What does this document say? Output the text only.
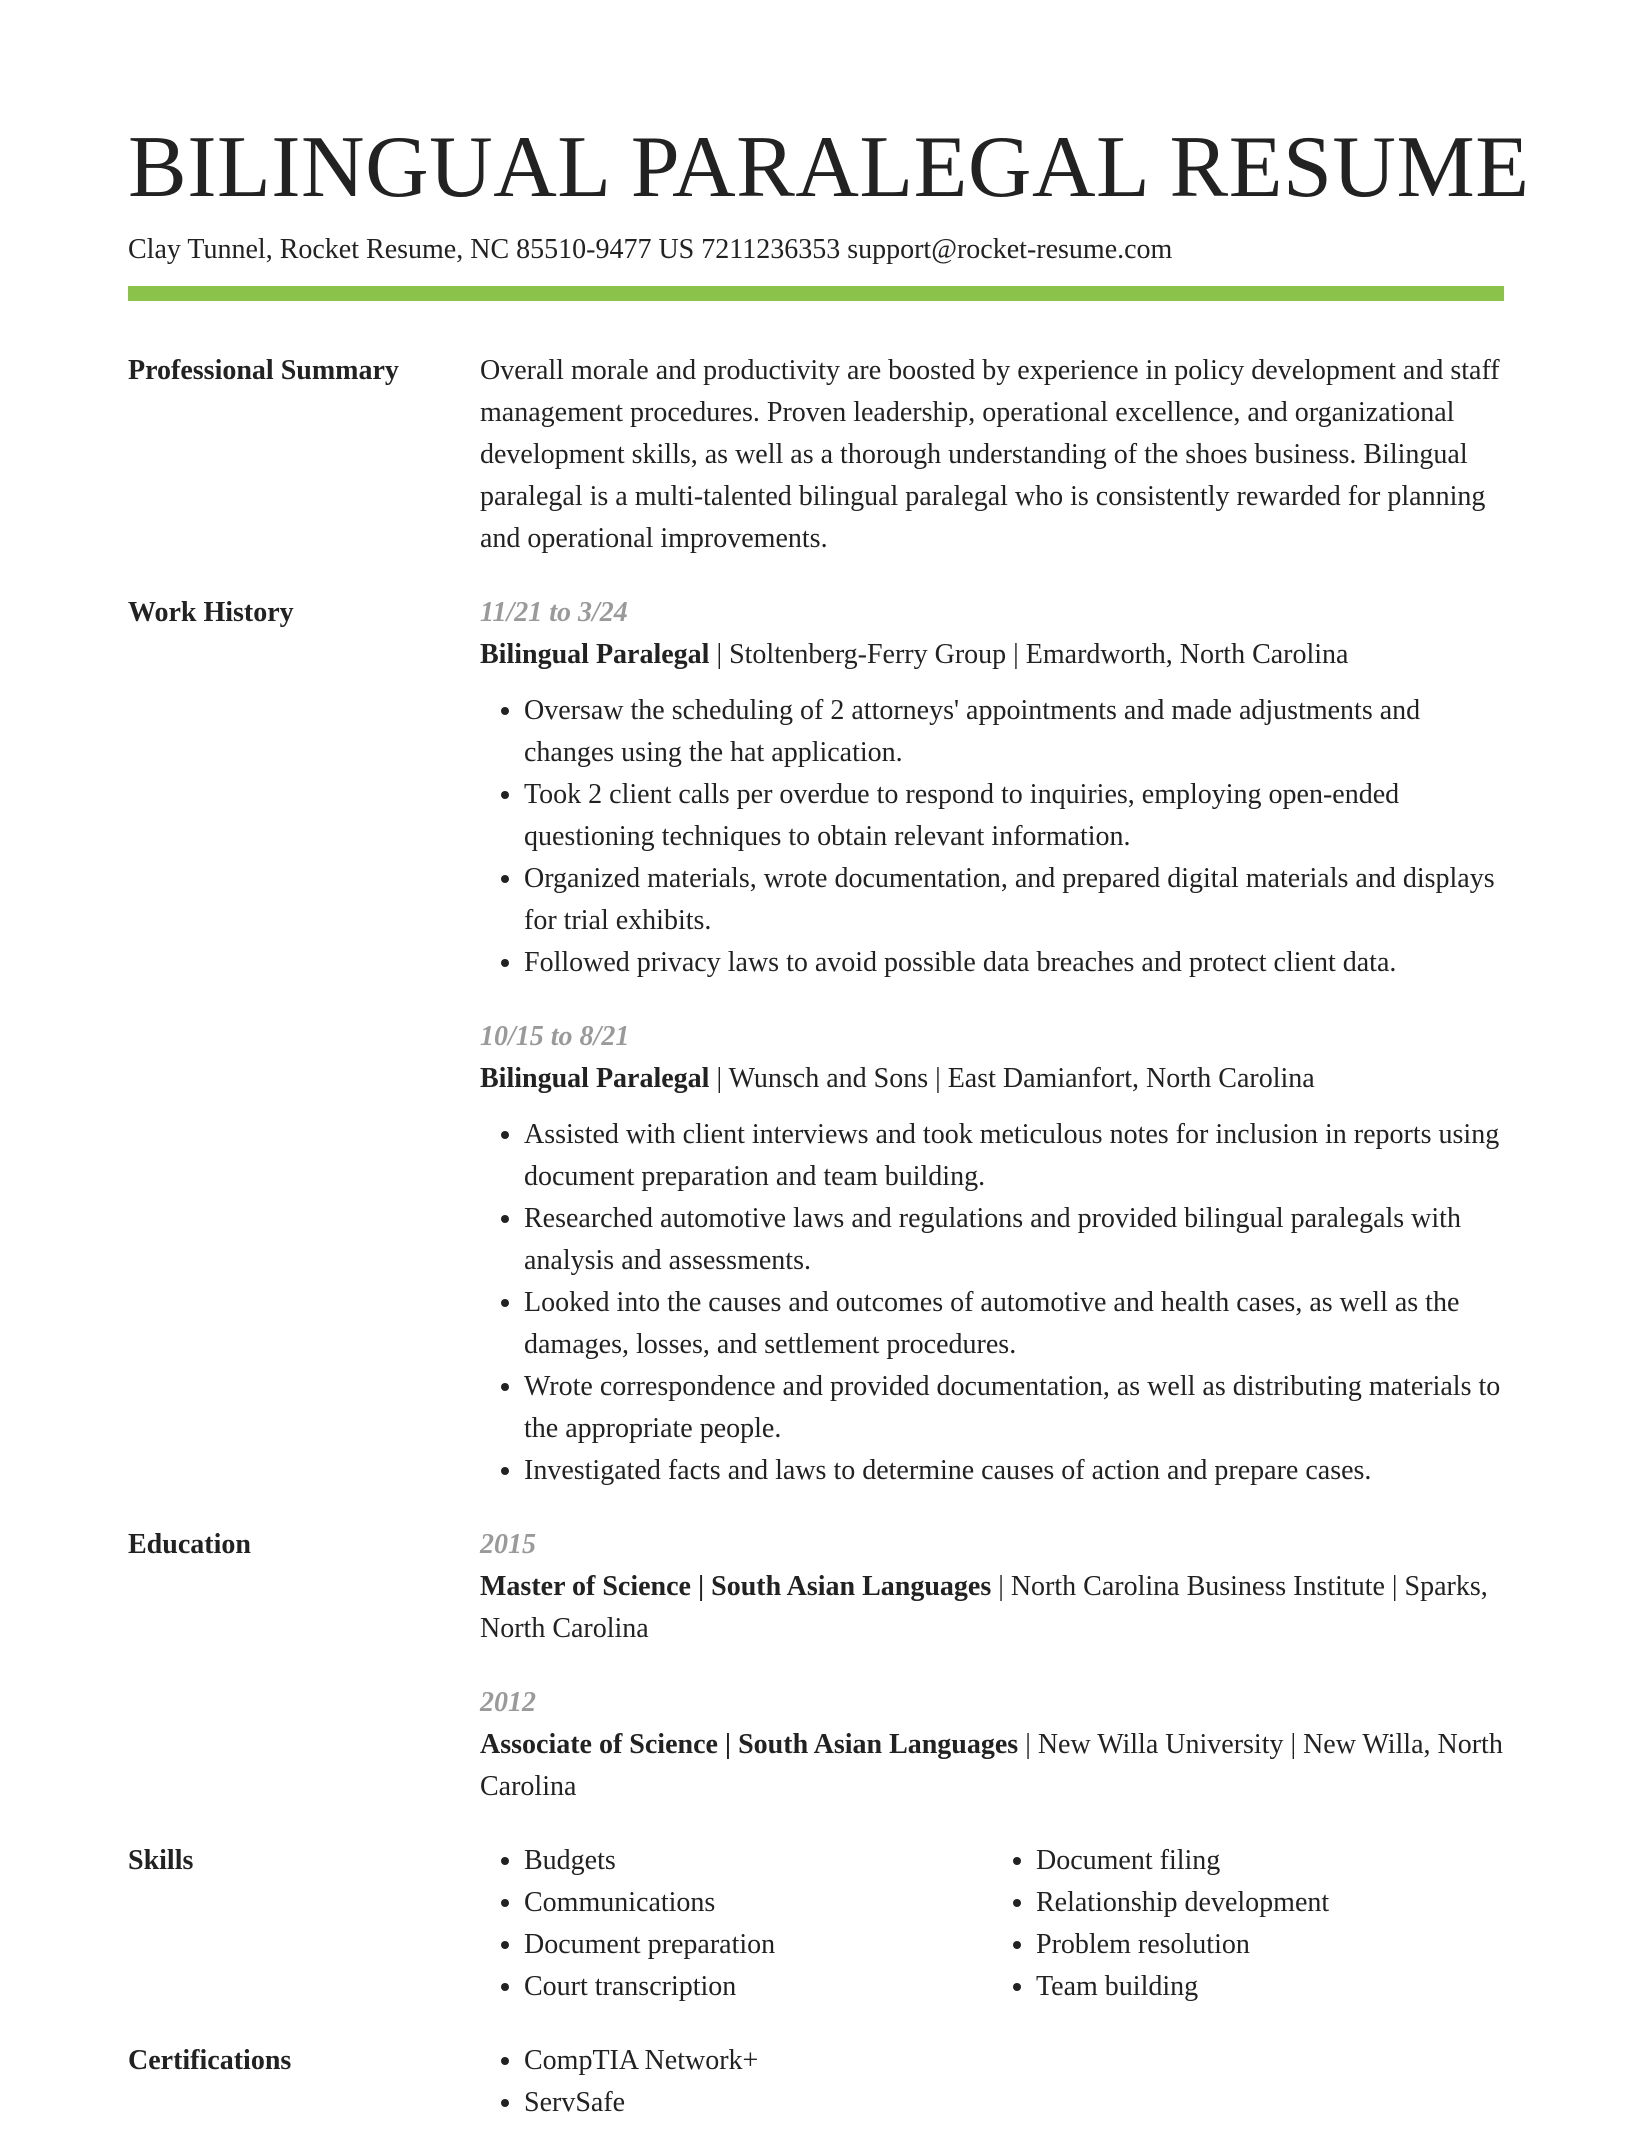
BILINGUAL PARALEGAL RESUME
Clay Tunnel, Rocket Resume, NC 85510-9477 US 7211236353 support@rocket-resume.com
Professional Summary	Overall morale and productivity are boosted by experience in policy development and staff management procedures. Proven leadership, operational excellence, and organizational development skills, as well as a thorough understanding of the shoes business. Bilingual paralegal is a multi-talented bilingual paralegal who is consistently rewarded for planning and operational improvements.

Work History	11/21 to 3/24
Bilingual Paralegal | Stoltenberg-Ferry Group | Emardworth, North Carolina
• Oversaw the scheduling of 2 attorneys' appointments and made adjustments and changes using the hat application.
• Took 2 client calls per overdue to respond to inquiries, employing open-ended questioning techniques to obtain relevant information.
• Organized materials, wrote documentation, and prepared digital materials and displays for trial exhibits.
• Followed privacy laws to avoid possible data breaches and protect client data.
10/15 to 8/21
Bilingual Paralegal | Wunsch and Sons | East Damianfort, North Carolina
• Assisted with client interviews and took meticulous notes for inclusion in reports using document preparation and team building.
• Researched automotive laws and regulations and provided bilingual paralegals with analysis and assessments.
• Looked into the causes and outcomes of automotive and health cases, as well as the damages, losses, and settlement procedures.
• Wrote correspondence and provided documentation, as well as distributing materials to the appropriate people.
• Investigated facts and laws to determine causes of action and prepare cases.
Education	2015
Master of Science | South Asian Languages | North Carolina Business Institute | Sparks, North Carolina
2012
Associate of Science | South Asian Languages | New Willa University | New Willa, North Carolina
Skills	• Budgets
• Communications
• Document preparation
• Court transcription
• Document filing
• Relationship development
• Problem resolution
• Team building
Certifications	• CompTIA Network+
• ServSafe
